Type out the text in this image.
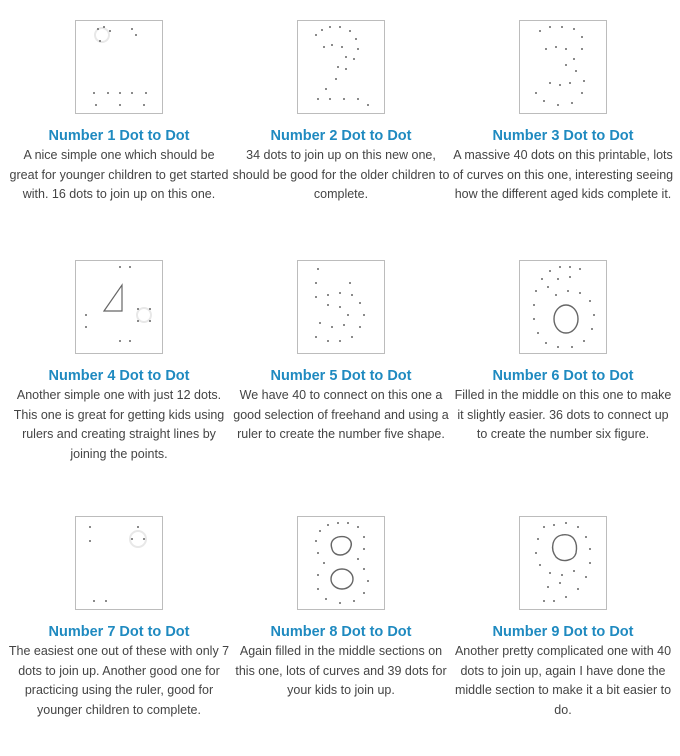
Number 1 Dot to Dot
A nice simple one which should be great for younger children to get started with. 16 dots to join up on this one.
Number 2 Dot to Dot
34 dots to join up on this new one, should be good for the older children to complete.
Number 3 Dot to Dot
A massive 40 dots on this printable, lots of curves on this one, interesting seeing how the different aged kids complete it.
Number 4 Dot to Dot
Another simple one with just 12 dots. This one is great for getting kids using rulers and creating straight lines by joining the points.
Number 5 Dot to Dot
We have 40 to connect on this one a good selection of freehand and using a ruler to create the number five shape.
Number 6 Dot to Dot
Filled in the middle on this one to make it slightly easier. 36 dots to connect up to create the number six figure.
Number 7 Dot to Dot
The easiest one out of these with only 7 dots to join up. Another good one for practicing using the ruler, good for younger children to complete.
Number 8 Dot to Dot
Again filled in the middle sections on this one, lots of curves and 39 dots for your kids to join up.
Number 9 Dot to Dot
Another pretty complicated one with 40 dots to join up, again I have done the middle section to make it a bit easier to do.
